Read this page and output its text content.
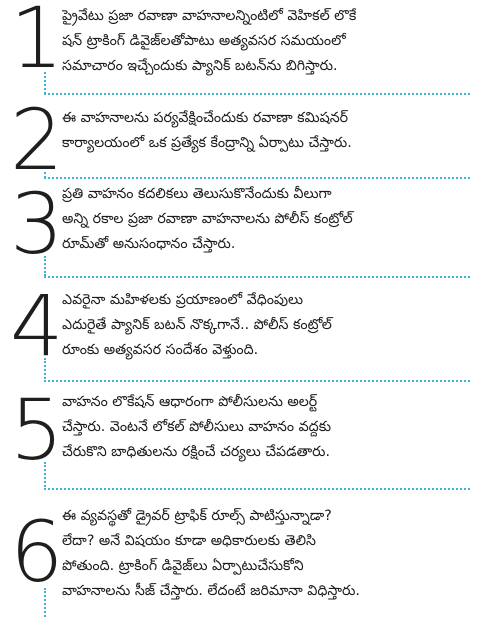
1 ప్రైవేటు ప్రజా రవాణా వాహనాలన్నింటిలో వెహికల్ లొకే
షన్ ట్రాకింగ్ డివైజ్‌లతోపాటు అత్యవసర సమయంలో
సమాచారం ఇచ్చేందుకు ప్యానిక్ బటన్‌ను బిగిస్తారు.
2 ఈ వాహనాలను పర్యవేక్షించేందుకు రవాణా కమిషనర్
కార్యాలయంలో ఒక ప్రత్యేక కేంద్రాన్ని ఏర్పాటు చేస్తారు.
3 ప్రతి వాహనం కదలికలు తెలుసుకొనేందుకు వీలుగా
అన్ని రకాల ప్రజా రవాణా వాహనాలను పోలీస్ కంట్రోల్
రూమ్‌తో అనుసంధానం చేస్తారు.
4 ఎవరైనా మహిళలకు ప్రయాణంలో వేధింపులు
ఎదురైతే ప్యానిక్ బటన్ నొక్కగానే.. పోలీస్ కంట్రోల్
రూంకు అత్యవసర సందేశం వెళ్తుంది.
5 వాహనం లొకేషన్ ఆధారంగా పోలీసులను అలర్ట్
చేస్తారు. వెంటనే లోకల్ పోలీసులు వాహనం వద్దకు
చేరుకొని బాధితులను రక్షించే చర్యలు చేపడతారు.
6 ఈ వ్యవస్థతో డ్రైవర్ ట్రాఫిక్ రూల్స్ పాటిస్తున్నాడా?
లేదా? అనే విషయం కూడా అధికారులకు తెలిసి
పోతుంది. ట్రాకింగ్ డివైజ్‌లు ఏర్పాటుచేసుకోని
వాహనాలను సీజ్ చేస్తారు. లేదంటే జరిమానా విధిస్తారు.
